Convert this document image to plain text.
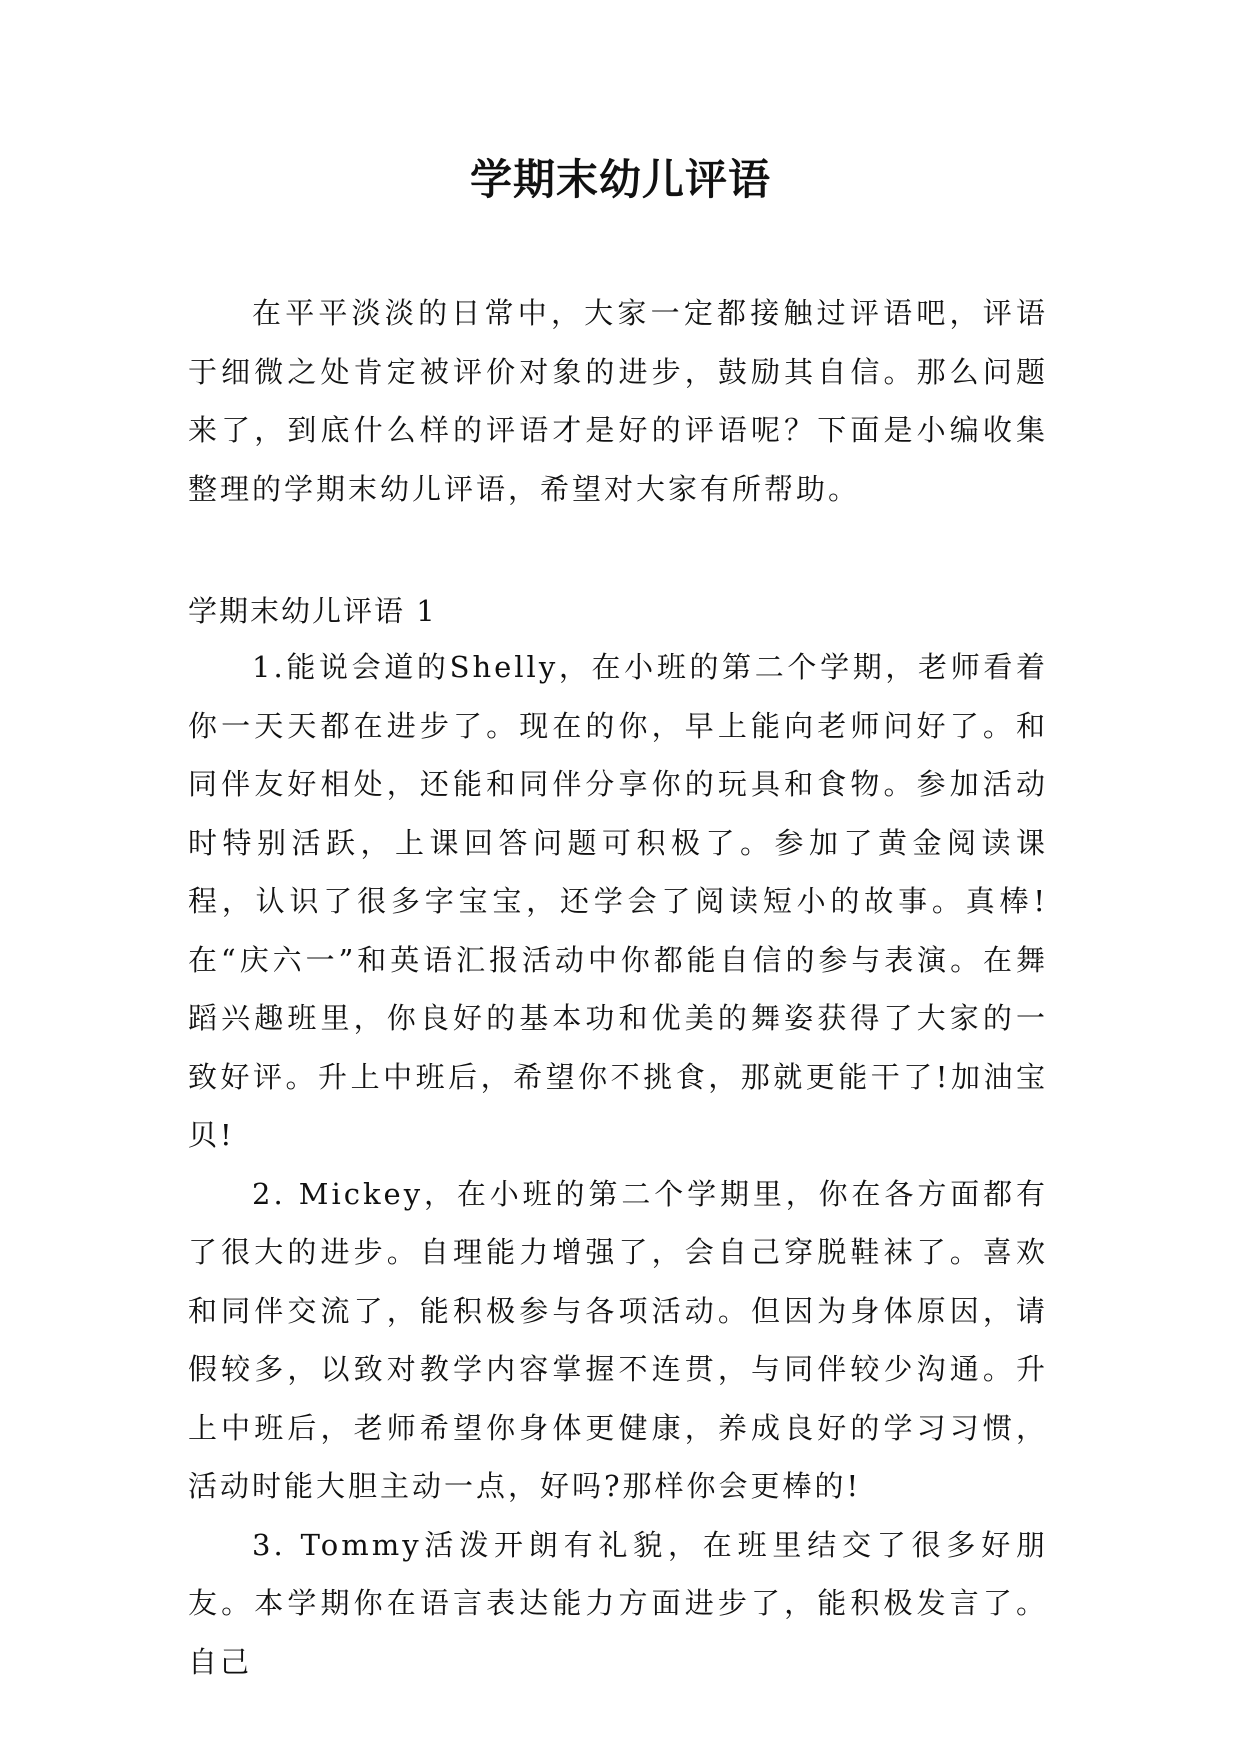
学期末幼儿评语

在平平淡淡的日常中，大家一定都接触过评语吧，评语于细微之处肯定被评价对象的进步，鼓励其自信。那么问题来了，到底什么样的评语才是好的评语呢？下面是小编收集整理的学期末幼儿评语，希望对大家有所帮助。

学期末幼儿评语 1

1.能说会道的Shelly，在小班的第二个学期，老师看着你一天天都在进步了。现在的你，早上能向老师问好了。和同伴友好相处，还能和同伴分享你的玩具和食物。参加活动时特别活跃，上课回答问题可积极了。参加了黄金阅读课程，认识了很多字宝宝，还学会了阅读短小的故事。真棒!在“庆六一”和英语汇报活动中你都能自信的参与表演。在舞蹈兴趣班里，你良好的基本功和优美的舞姿获得了大家的一致好评。升上中班后，希望你不挑食，那就更能干了!加油宝贝!
2. Mickey，在小班的第二个学期里，你在各方面都有了很大的进步。自理能力增强了，会自己穿脱鞋袜了。喜欢和同伴交流了，能积极参与各项活动。但因为身体原因，请假较多，以致对教学内容掌握不连贯，与同伴较少沟通。升上中班后，老师希望你身体更健康，养成良好的学习习惯，活动时能大胆主动一点，好吗?那样你会更棒的!
3. Tommy活泼开朗有礼貌，在班里结交了很多好朋友。本学期你在语言表达能力方面进步了，能积极发言了。自己
